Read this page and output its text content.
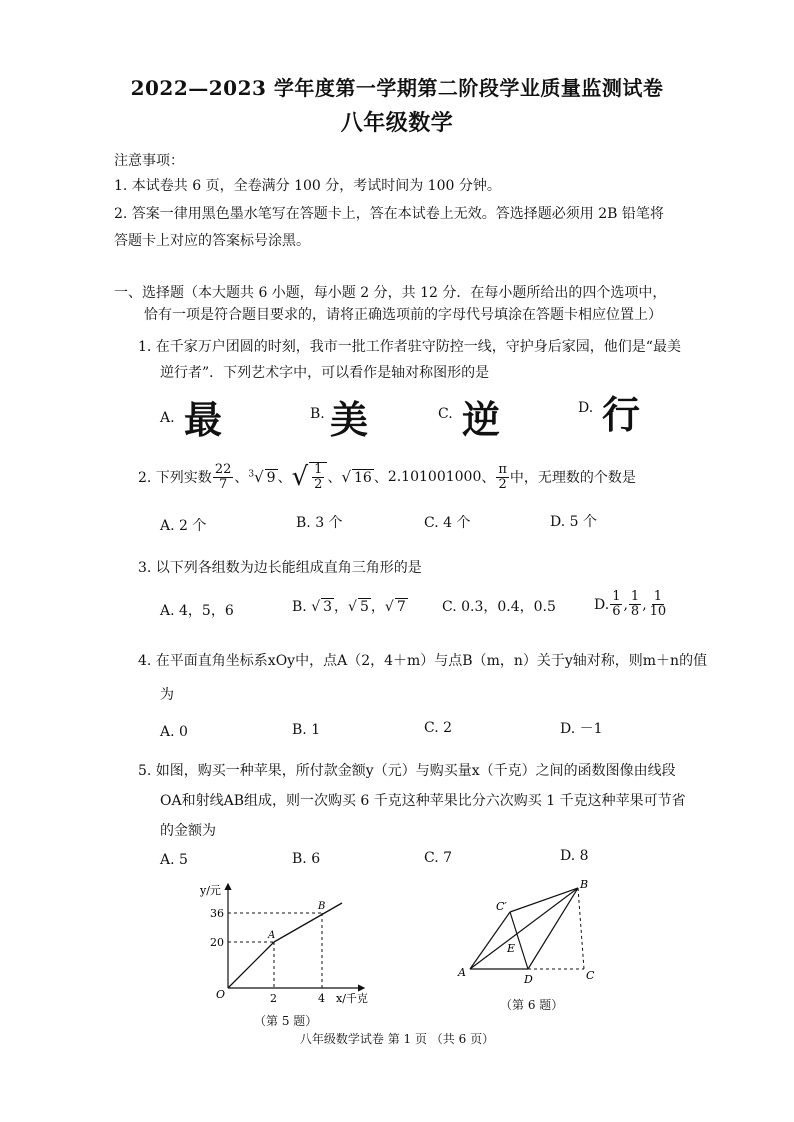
2022—2023 学年度第一学期第二阶段学业质量监测试卷
八年级数学
注意事项：
1. 本试卷共 6 页，全卷满分 100 分，考试时间为 100 分钟。
2. 答案一律用黑色墨水笔写在答题卡上，答在本试卷上无效。答选择题必须用 2B 铅笔将
答题卡上对应的答案标号涂黑。
一、选择题（本大题共 6 小题，每小题 2 分，共 12 分．在每小题所给出的四个选项中，
恰有一项是符合题目要求的，请将正确选项前的字母代号填涂在答题卡相应位置上）
1. 在千家万户团圆的时刻，我市一批工作者驻守防控一线，守护身后家园，他们是“最美
逆行者”．下列艺术字中，可以看作是轴对称图形的是
A. 最	B. 美	C. 逆	D. 行
2. 下列实数 $\frac{22}{7}$ 、 $^3$√ 9 、 √ $\frac{1}{2}$ 、 √ 16 、 2.101001000 、 $\frac{\pi}{2}$ 中，无理数的个数是
A. 2 个	B. 3 个	C. 4 个	D. 5 个
3. 以下列各组数为边长能组成直角三角形的是
A. 4，5，6	B. √ 3 ，√ 5 ，√ 7	C. 0.3，0.4，0.5	D. $\frac{1}{6}$ , $\frac{1}{8}$ , $\frac{1}{10}$
4. 在平面直角坐标系xOy中，点A（2，4＋m）与点B（m，n）关于y轴对称，则m＋n的值
为
A. 0	B. 1	C. 2	D. －1
5. 如图，购买一种苹果，所付款金额y（元）与购买量x（千克）之间的函数图像由线段
OA和射线AB组成，则一次购买 6 千克这种苹果比分六次购买 1 千克这种苹果可节省
的金额为
A. 5	B. 6	C. 7	D. 8
y/元
x/千克
O
36
20
2	4
A
B
（第 5 题）
A
B
C
D
E
C′
（第 6 题）
八年级数学试卷 第 1 页 （共 6 页）
